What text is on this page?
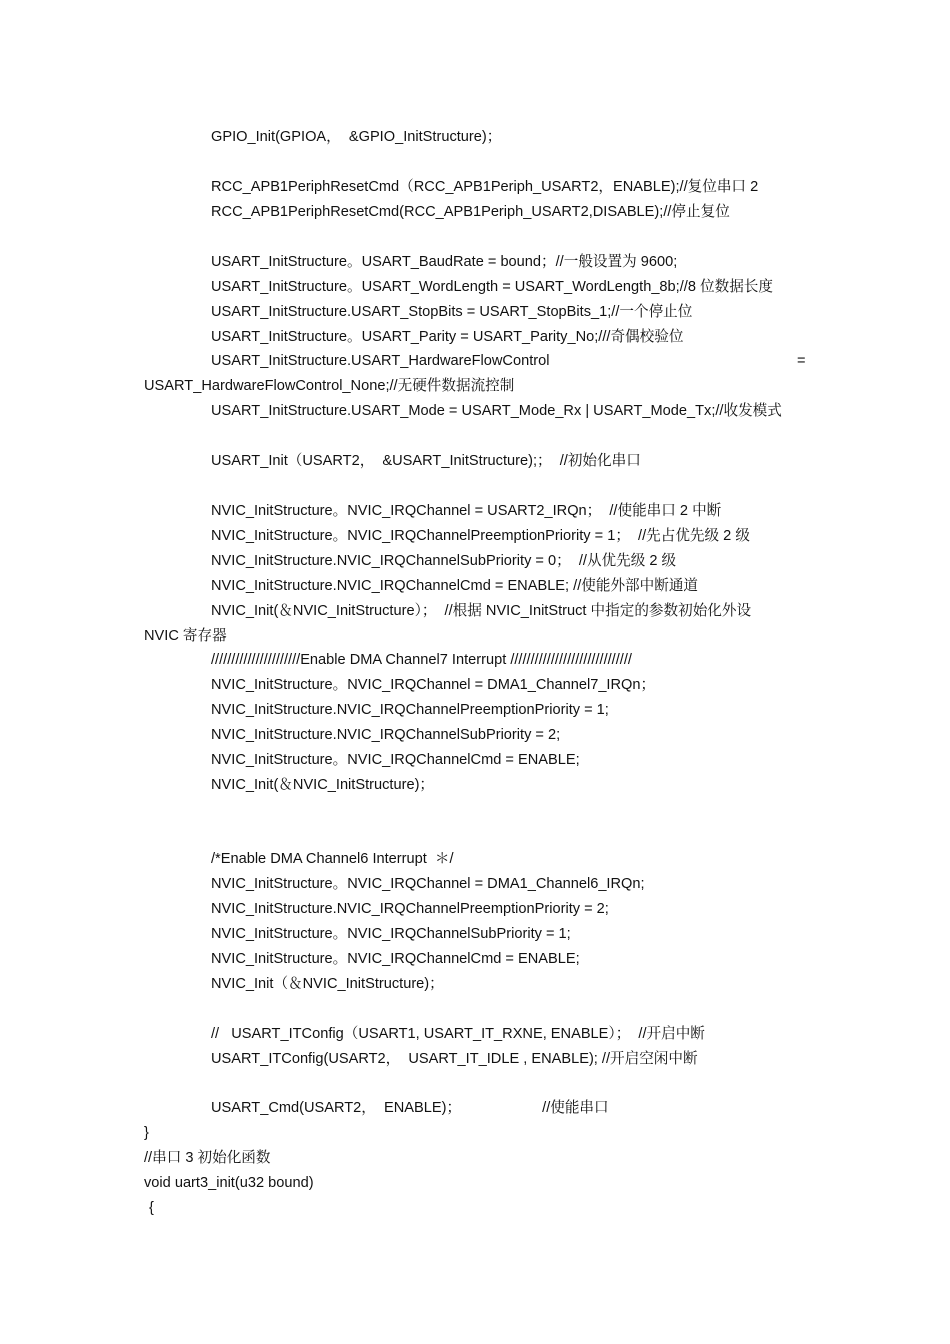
GPIO_Init(GPIOA，  &GPIO_InitStructure)；
RCC_APB1PeriphResetCmd（RCC_APB1Periph_USART2，ENABLE);//复位串口 2
RCC_APB1PeriphResetCmd(RCC_APB1Periph_USART2,DISABLE);//停止复位
USART_InitStructure。USART_BaudRate = bound；//一般设置为 9600;
USART_InitStructure。USART_WordLength = USART_WordLength_8b;//8 位数据长度
USART_InitStructure.USART_StopBits = USART_StopBits_1;//一个停止位
USART_InitStructure。USART_Parity = USART_Parity_No;///奇偶校验位
USART_InitStructure.USART_HardwareFlowControl	=
USART_HardwareFlowControl_None;//无硬件数据流控制
USART_InitStructure.USART_Mode = USART_Mode_Rx | USART_Mode_Tx;//收发模式
USART_Init（USART2，  &USART_InitStructure);；  //初始化串口
NVIC_InitStructure。NVIC_IRQChannel = USART2_IRQn；  //使能串口 2 中断
NVIC_InitStructure。NVIC_IRQChannelPreemptionPriority = 1；  //先占优先级 2 级
NVIC_InitStructure.NVIC_IRQChannelSubPriority = 0；  //从优先级 2 级
NVIC_InitStructure.NVIC_IRQChannelCmd = ENABLE; //使能外部中断通道
NVIC_Init(＆NVIC_InitStructure）；  //根据 NVIC_InitStruct 中指定的参数初始化外设
NVIC 寄存器
//////////////////////Enable DMA Channel7 Interrupt //////////////////////////////
NVIC_InitStructure。NVIC_IRQChannel = DMA1_Channel7_IRQn；
NVIC_InitStructure.NVIC_IRQChannelPreemptionPriority = 1;
NVIC_InitStructure.NVIC_IRQChannelSubPriority = 2;
NVIC_InitStructure。NVIC_IRQChannelCmd = ENABLE;
NVIC_Init(＆NVIC_InitStructure)；
/*Enable DMA Channel6 Interrupt  ＊/
NVIC_InitStructure。NVIC_IRQChannel = DMA1_Channel6_IRQn;
NVIC_InitStructure.NVIC_IRQChannelPreemptionPriority = 2;
NVIC_InitStructure。NVIC_IRQChannelSubPriority = 1;
NVIC_InitStructure。NVIC_IRQChannelCmd = ENABLE;
NVIC_Init（＆NVIC_InitStructure)；
//   USART_ITConfig（USART1, USART_IT_RXNE, ENABLE）；  //开启中断
USART_ITConfig(USART2，  USART_IT_IDLE , ENABLE); //开启空闲中断
USART_Cmd(USART2，  ENABLE)；                    //使能串口
}
//串口 3 初始化函数
void uart3_init(u32 bound)
{
